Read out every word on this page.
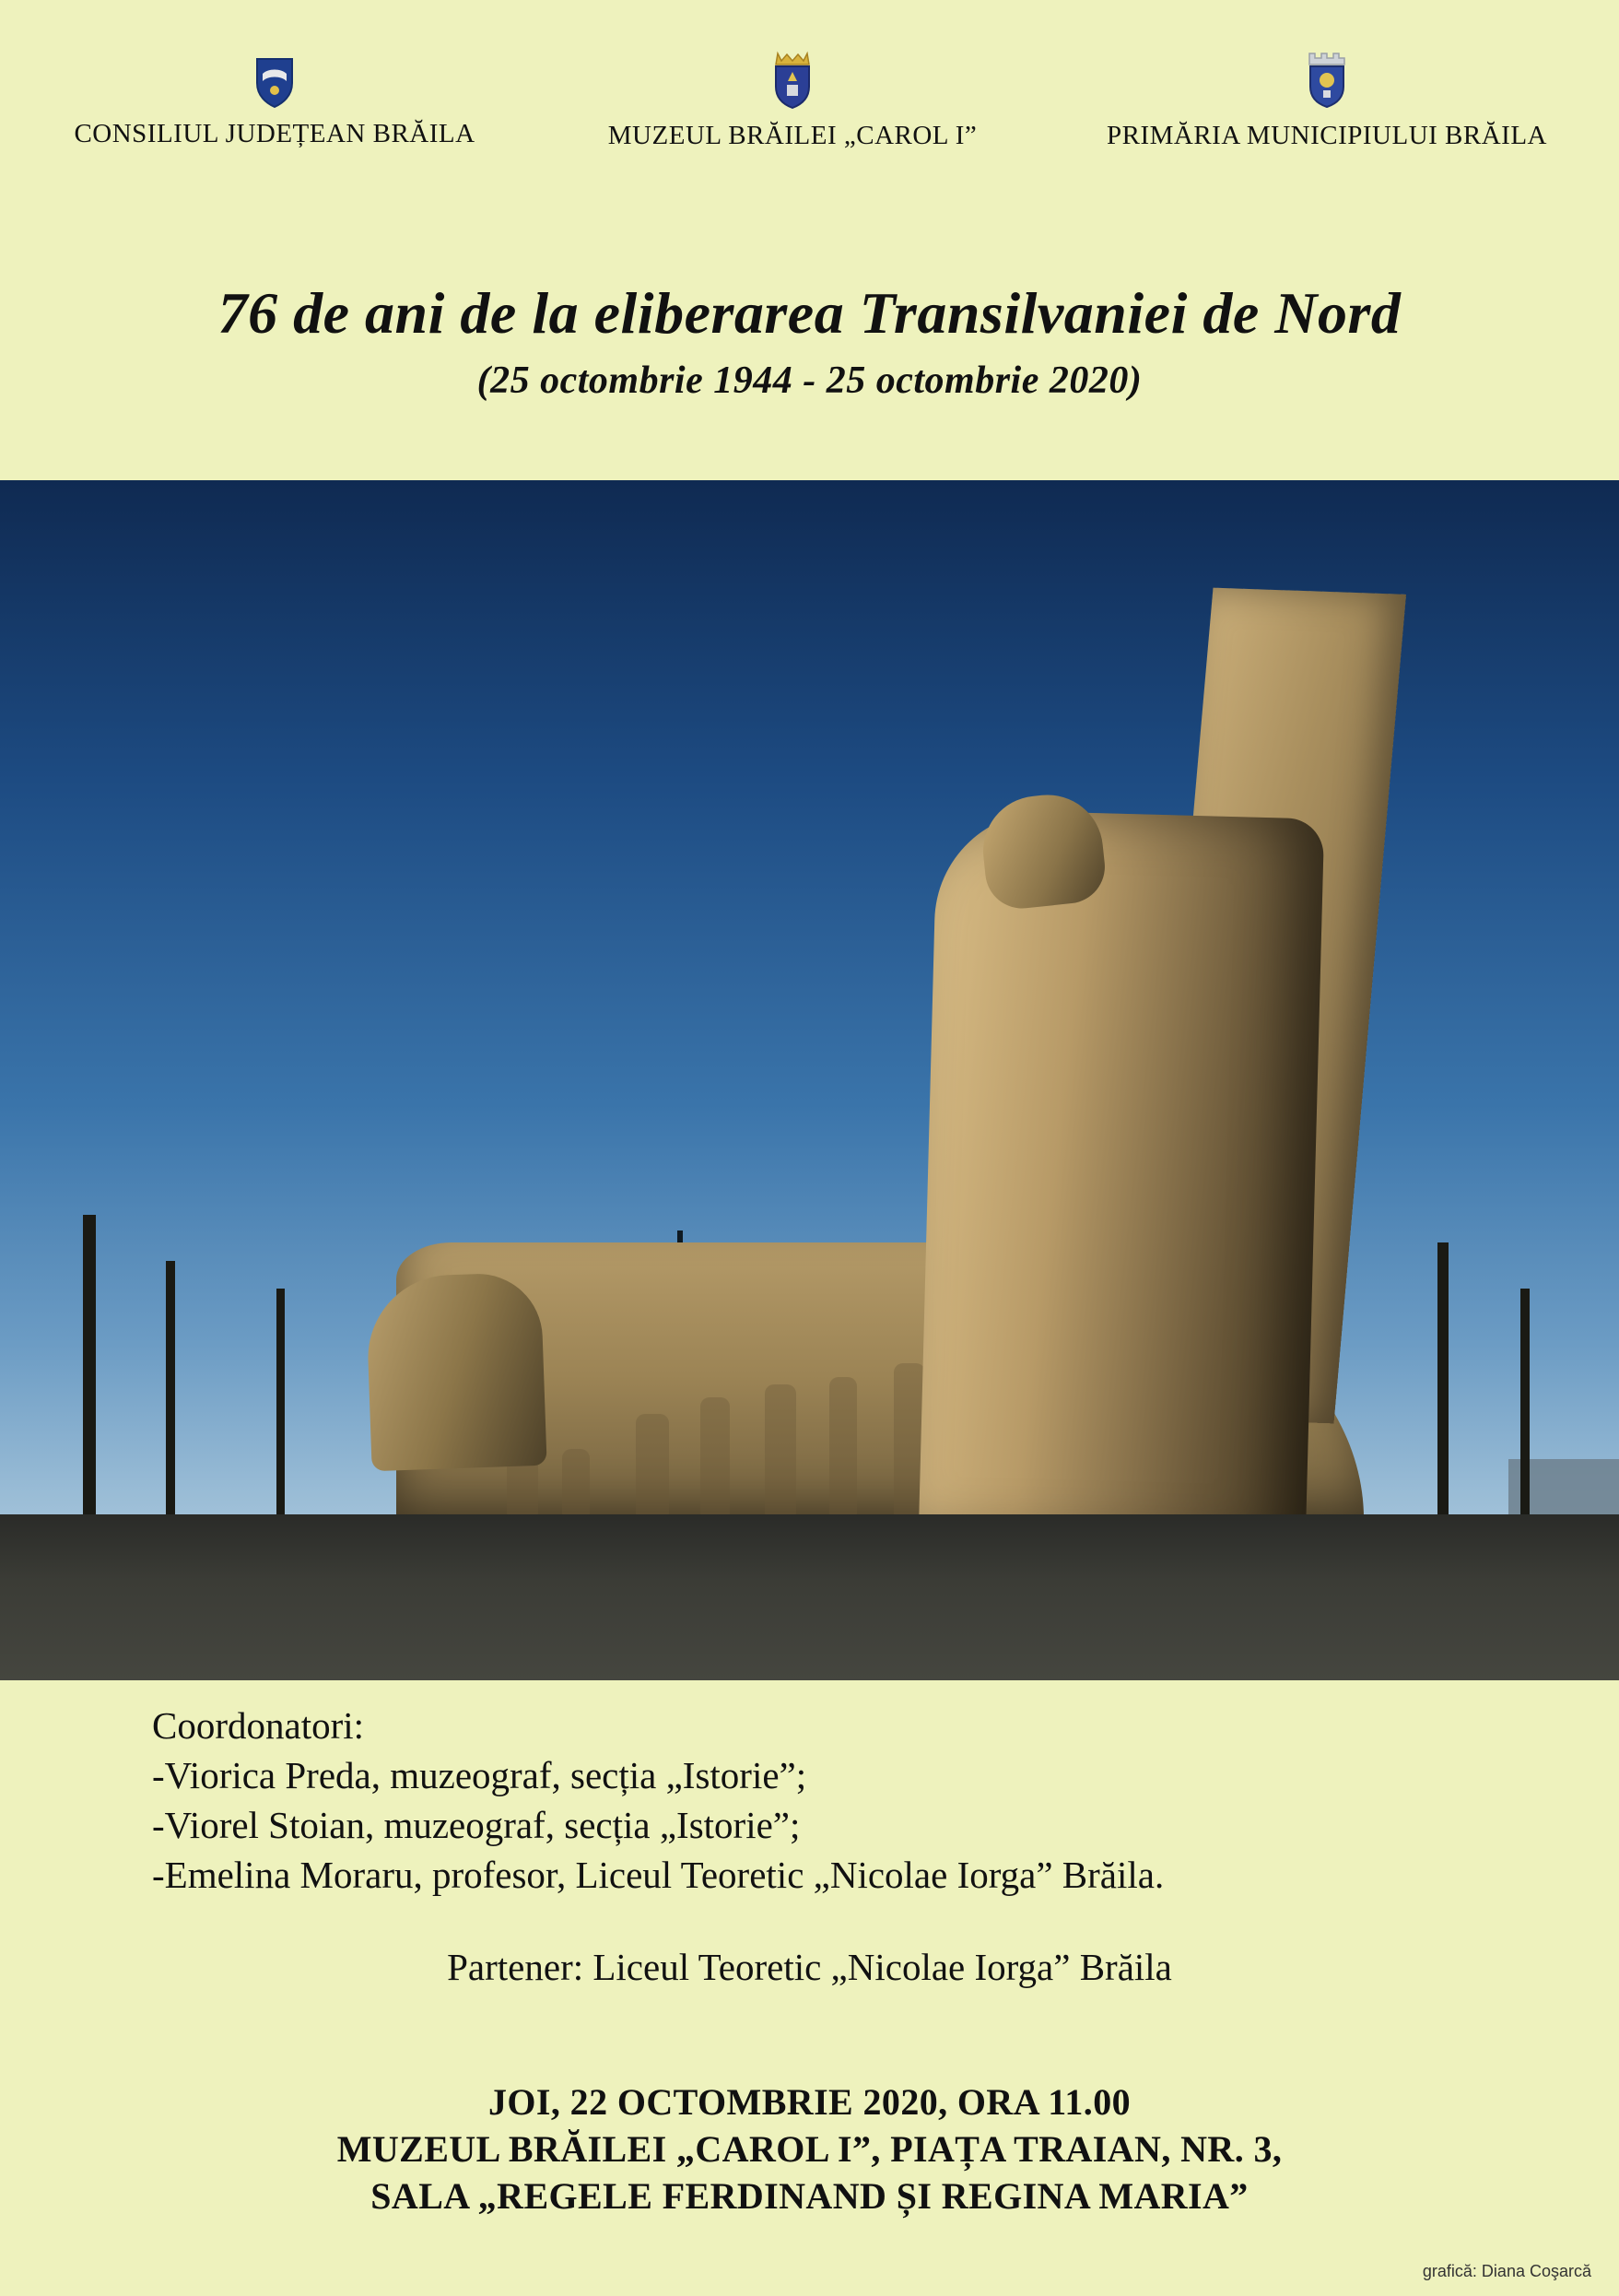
CONSILIUL JUDEȚEAN BRĂILA	MUZEUL BRĂILEI „CAROL I”	PRIMĂRIA MUNICIPIULUI BRĂILA
76 de ani de la eliberarea Transilvaniei de Nord
(25 octombrie 1944 - 25 octombrie 2020)
Coordonatori:
-Viorica Preda, muzeograf, secția „Istorie”;
-Viorel Stoian, muzeograf, secția „Istorie”;
-Emelina Moraru, profesor, Liceul Teoretic „Nicolae Iorga” Brăila.
Partener: Liceul Teoretic „Nicolae Iorga” Brăila
JOI, 22 OCTOMBRIE 2020, ORA 11.00
MUZEUL BRĂILEI „CAROL I”, PIAȚA TRAIAN, NR. 3,
SALA „REGELE FERDINAND ȘI REGINA MARIA”
grafică: Diana Coşarcă
